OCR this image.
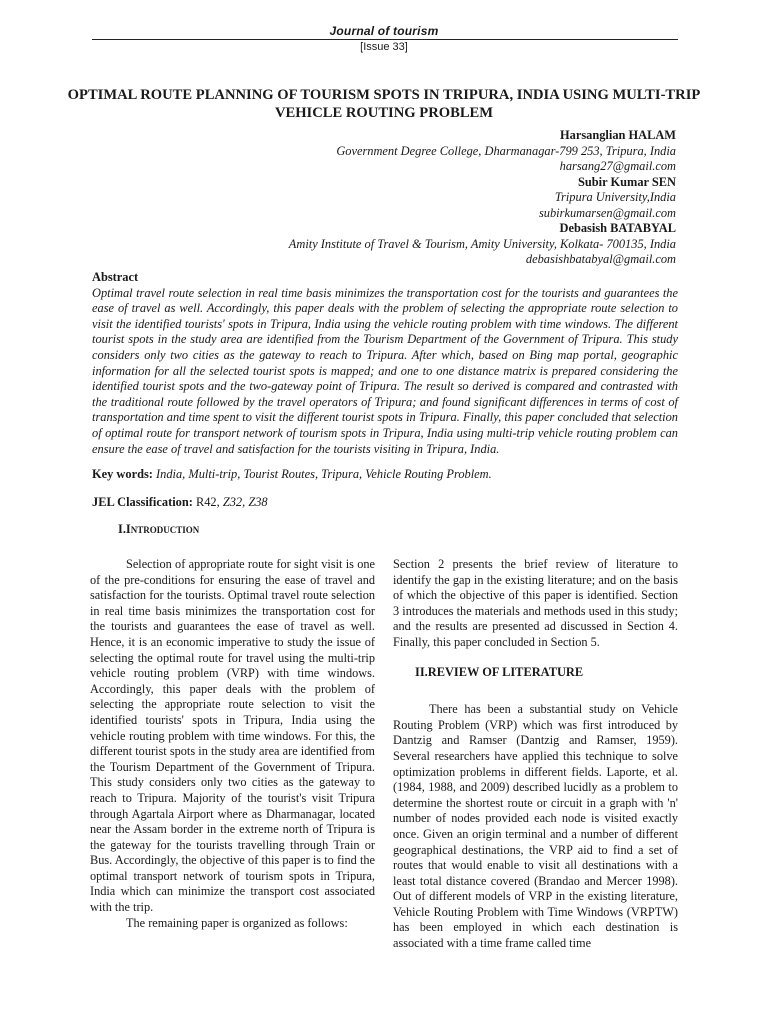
Journal of tourism
[Issue 33]
OPTIMAL ROUTE PLANNING OF TOURISM SPOTS IN TRIPURA, INDIA USING MULTI-TRIP VEHICLE ROUTING PROBLEM
Harsanglian HALAM
Government Degree College, Dharmanagar-799 253, Tripura, India
harsang27@gmail.com
Subir Kumar SEN
Tripura University,India
subirkumarsen@gmail.com
Debasish BATABYAL
Amity Institute of Travel & Tourism, Amity University, Kolkata- 700135, India
debasishbatabyal@gmail.com
Abstract
Optimal travel route selection in real time basis minimizes the transportation cost for the tourists and guarantees the ease of travel as well. Accordingly, this paper deals with the problem of selecting the appropriate route selection to visit the identified tourists' spots in Tripura, India using the vehicle routing problem with time windows. The different tourist spots in the study area are identified from the Tourism Department of the Government of Tripura. This study considers only two cities as the gateway to reach to Tripura. After which, based on Bing map portal, geographic information for all the selected tourist spots is mapped; and one to one distance matrix is prepared considering the identified tourist spots and the two-gateway point of Tripura. The result so derived is compared and contrasted with the traditional route followed by the travel operators of Tripura; and found significant differences in terms of cost of transportation and time spent to visit the different tourist spots in Tripura. Finally, this paper concluded that selection of optimal route for transport network of tourism spots in Tripura, India using multi-trip vehicle routing problem can ensure the ease of travel and satisfaction for the tourists visiting in Tripura, India.
Key words: India, Multi-trip, Tourist Routes, Tripura, Vehicle Routing Problem.
JEL Classification: R42, Z32, Z38
I.Introduction

Selection of appropriate route for sight visit is one of the pre-conditions for ensuring the ease of travel and satisfaction for the tourists. Optimal travel route selection in real time basis minimizes the transportation cost for the tourists and guarantees the ease of travel as well. Hence, it is an economic imperative to study the issue of selecting the optimal route for travel using the multi-trip vehicle routing problem (VRP) with time windows. Accordingly, this paper deals with the problem of selecting the appropriate route selection to visit the identified tourists' spots in Tripura, India using the vehicle routing problem with time windows. For this, the different tourist spots in the study area are identified from the Tourism Department of the Government of Tripura. This study considers only two cities as the gateway to reach to Tripura. Majority of the tourist's visit Tripura through Agartala Airport where as Dharmanagar, located near the Assam border in the extreme north of Tripura is the gateway for the tourists travelling through Train or Bus. Accordingly, the objective of this paper is to find the optimal transport network of tourism spots in Tripura, India which can minimize the transport cost associated with the trip.

The remaining paper is organized as follows:

Section 2 presents the brief review of literature to identify the gap in the existing literature; and on the basis of which the objective of this paper is identified. Section 3 introduces the materials and methods used in this study; and the results are presented ad discussed in Section 4. Finally, this paper concluded in Section 5.

II.REVIEW OF LITERATURE

There has been a substantial study on Vehicle Routing Problem (VRP) which was first introduced by Dantzig and Ramser (Dantzig and Ramser, 1959). Several researchers have applied this technique to solve optimization problems in different fields. Laporte, et al. (1984, 1988, and 2009) described lucidly as a problem to determine the shortest route or circuit in a graph with 'n' number of nodes provided each node is visited exactly once. Given an origin terminal and a number of different geographical destinations, the VRP aid to find a set of routes that would enable to visit all destinations with a least total distance covered (Brandao and Mercer 1998). Out of different models of VRP in the existing literature, Vehicle Routing Problem with Time Windows (VRPTW) has been employed in which each destination is associated with a time frame called time
